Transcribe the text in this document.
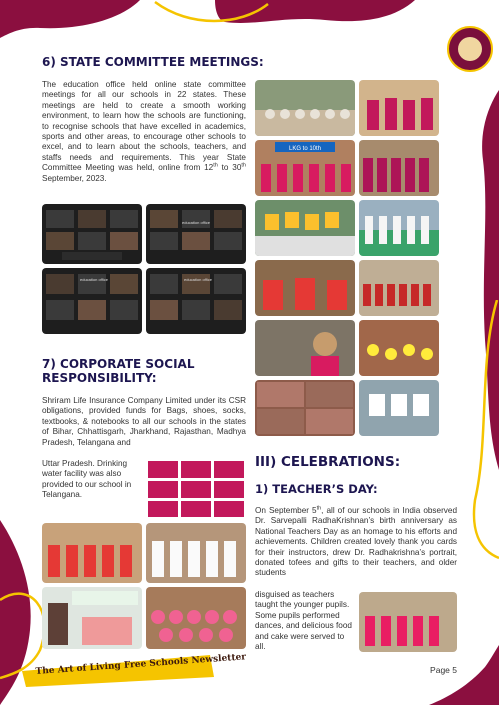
6) STATE COMMITTEE MEETINGS:

The education office held online state committee meetings for all our schools in 22 states. These meetings are held to create a smooth working environment, to learn how the schools are functioning, to recognise schools that have excelled in academics, sports and other areas, to encourage other schools to excel, and to learn about the schools, teachers, and staffs needs and requirements. This year State Committee Meeting was held, online from 12th to 30th September, 2023.

education office
education office	education office
LKG to 10th
7) CORPORATE SOCIAL
RESPONSIBILITY:

Shriram Life Insurance Company Limited under its CSR obligations, provided funds for Bags, shoes, socks, textbooks, & notebooks to all our schools in the states of Bihar, Chhattisgarh, Jharkhand, Rajasthan, Madhya Pradesh, Telangana and

Uttar Pradesh. Drinking water facility was also provided to our school in Telangana.

III) CELEBRATIONS:
1) TEACHER’S DAY:

On September 5th, all of our schools in India observed Dr. Sarvepalli RadhaKrishnan’s birth anniversary as National Teachers Day as an homage to his efforts and achievements. Children created lovely thank you cards for their instructors, drew Dr. Radhakrishna’s portrait, donated tofees and gifts to their teachers, and older students

disguised as teachers taught the younger pupils. Some pupils performed dances, and delicious food and cake were served to all.

The Art of Living Free Schools Newsletter	Page 5
